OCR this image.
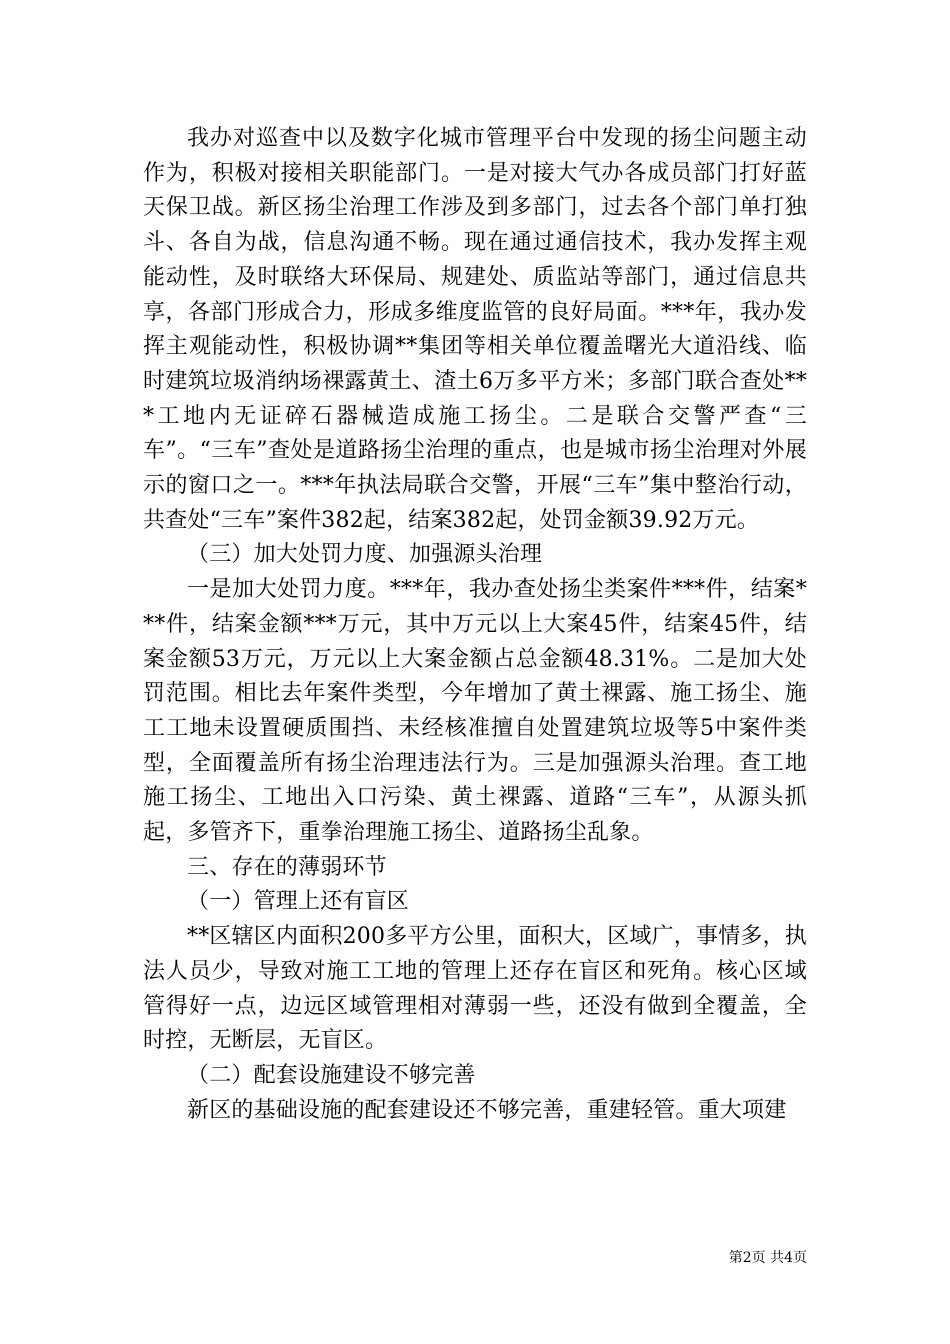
我办对巡查中以及数字化城市管理平台中发现的扬尘问题主动作为，积极对接相关职能部门。一是对接大气办各成员部门打好蓝天保卫战。新区扬尘治理工作涉及到多部门，过去各个部门单打独斗、各自为战，信息沟通不畅。现在通过通信技术，我办发挥主观能动性，及时联络大环保局、规建处、质监站等部门，通过信息共享，各部门形成合力，形成多维度监管的良好局面。***年，我办发挥主观能动性，积极协调**集团等相关单位覆盖曙光大道沿线、临时建筑垃圾消纳场裸露黄土、渣土6万多平方米；多部门联合查处***工地内无证碎石器械造成施工扬尘。二是联合交警严查“三车”。“三车”查处是道路扬尘治理的重点，也是城市扬尘治理对外展示的窗口之一。***年执法局联合交警，开展“三车”集中整治行动，共查处“三车”案件382起，结案382起，处罚金额39.92万元。

（三）加大处罚力度、加强源头治理

一是加大处罚力度。***年，我办查处扬尘类案件***件，结案***件，结案金额***万元，其中万元以上大案45件，结案45件，结案金额53万元，万元以上大案金额占总金额48.31%。二是加大处罚范围。相比去年案件类型，今年增加了黄土裸露、施工扬尘、施工工地未设置硬质围挡、未经核准擅自处置建筑垃圾等5中案件类型，全面覆盖所有扬尘治理违法行为。三是加强源头治理。查工地施工扬尘、工地出入口污染、黄土裸露、道路“三车”，从源头抓起，多管齐下，重拳治理施工扬尘、道路扬尘乱象。

三、存在的薄弱环节

（一）管理上还有盲区

**区辖区内面积200多平方公里，面积大，区域广，事情多，执法人员少，导致对施工工地的管理上还存在盲区和死角。核心区域管得好一点，边远区域管理相对薄弱一些，还没有做到全覆盖，全时控，无断层，无盲区。

（二）配套设施建设不够完善

新区的基础设施的配套建设还不够完善，重建轻管。重大项建

第2页 共4页
